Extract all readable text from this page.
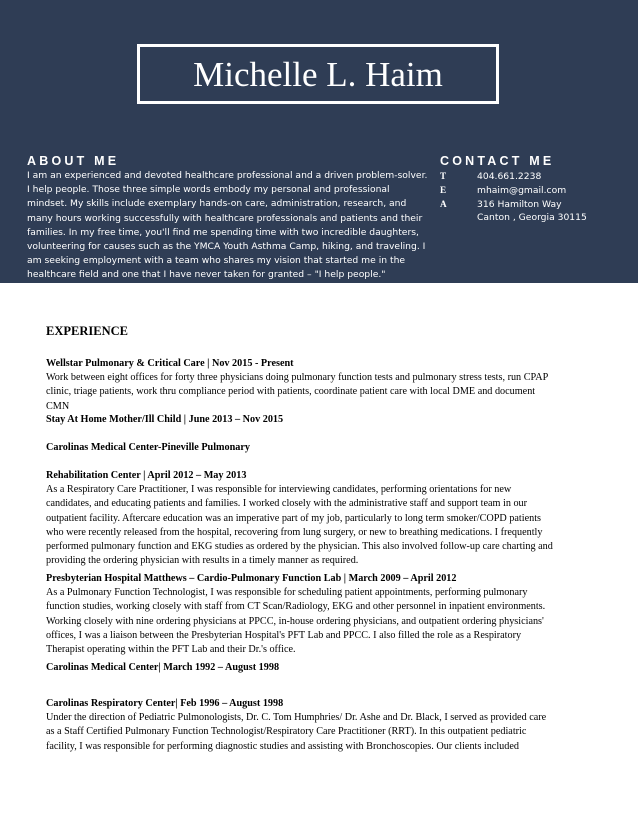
Michelle L. Haim
ABOUT ME
I am an experienced and devoted healthcare professional and a driven problem-solver.
I help people. Those three simple words embody my personal and professional
mindset. My skills include exemplary hands-on care, administration, research, and
many hours working successfully with healthcare professionals and patients and their
families. In my free time, you'll find me spending time with two incredible daughters,
volunteering for causes such as the YMCA Youth Asthma Camp, hiking, and traveling. I
am seeking employment with a team who shares my vision that started me in the
healthcare field and one that I have never taken for granted – "I help people."
CONTACT ME
T	404.661.2238
E	mhaim@gmail.com
A	316 Hamilton Way
Canton , Georgia 30115
EXPERIENCE
Wellstar Pulmonary & Critical Care | Nov 2015 - Present
Work between eight offices for forty three physicians doing pulmonary function tests and pulmonary stress tests, run CPAP
clinic, triage patients, work thru compliance period with patients, coordinate patient care with local DME and document
CMN
Stay At Home Mother/Ill Child | June 2013 – Nov 2015
Carolinas Medical Center-Pineville Pulmonary
Rehabilitation Center | April 2012 – May 2013
As a Respiratory Care Practitioner, I was responsible for interviewing candidates, performing orientations for new
candidates, and educating patients and families. I worked closely with the administrative staff and support team in our
outpatient facility. Aftercare education was an imperative part of my job, particularly to long term smoker/COPD patients
who were recently released from the hospital, recovering from lung surgery, or new to breathing medications. I frequently
performed pulmonary function and EKG studies as ordered by the physician. This also involved follow-up care charting and
providing the ordering physician with results in a timely manner as required.
Presbyterian Hospital Matthews – Cardio-Pulmonary Function Lab | March 2009 – April 2012
As a Pulmonary Function Technologist, I was responsible for scheduling patient appointments, performing pulmonary
function studies, working closely with staff from CT Scan/Radiology, EKG and other personnel in inpatient environments.
Working closely with nine ordering physicians at PPCC, in-house ordering physicians, and outpatient ordering physicians'
offices, I was a liaison between the Presbyterian Hospital's PFT Lab and PPCC. I also filled the role as a Respiratory
Therapist operating within the PFT Lab and their Dr.'s office.
Carolinas Medical Center| March 1992 – August 1998
Carolinas Respiratory Center| Feb 1996 – August 1998
Under the direction of Pediatric Pulmonologists, Dr. C. Tom Humphries/ Dr. Ashe and Dr. Black, I served as provided care
as a Staff Certified Pulmonary Function Technologist/Respiratory Care Practitioner (RRT). In this outpatient pediatric
facility, I was responsible for performing diagnostic studies and assisting with Bronchoscopies. Our clients included
